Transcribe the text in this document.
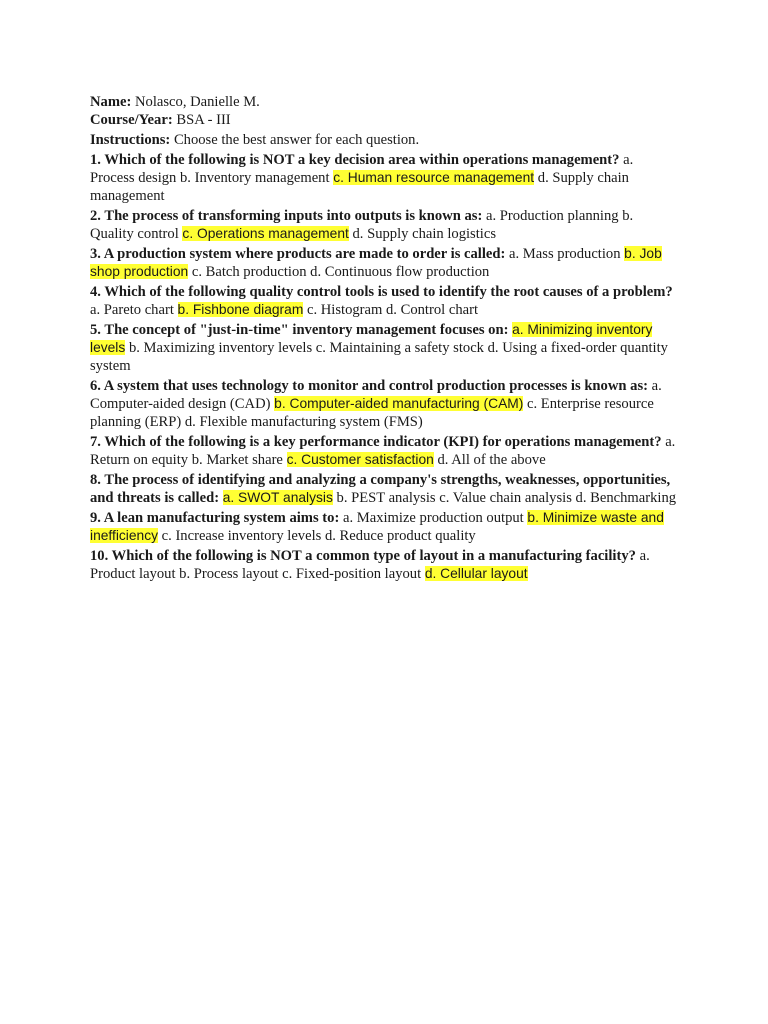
Name: Nolasco, Danielle M.

Course/Year: BSA - III

Instructions: Choose the best answer for each question.

1. Which of the following is NOT a key decision area within operations management? a. Process design b. Inventory management c. Human resource management d. Supply chain management

2. The process of transforming inputs into outputs is known as: a. Production planning b. Quality control c. Operations management d. Supply chain logistics

3. A production system where products are made to order is called: a. Mass production b. Job shop production c. Batch production d. Continuous flow production

4. Which of the following quality control tools is used to identify the root causes of a problem? a. Pareto chart b. Fishbone diagram c. Histogram d. Control chart

5. The concept of "just-in-time" inventory management focuses on: a. Minimizing inventory levels b. Maximizing inventory levels c. Maintaining a safety stock d. Using a fixed-order quantity system

6. A system that uses technology to monitor and control production processes is known as: a. Computer-aided design (CAD) b. Computer-aided manufacturing (CAM) c. Enterprise resource planning (ERP) d. Flexible manufacturing system (FMS)

7. Which of the following is a key performance indicator (KPI) for operations management? a. Return on equity b. Market share c. Customer satisfaction d. All of the above

8. The process of identifying and analyzing a company's strengths, weaknesses, opportunities, and threats is called: a. SWOT analysis b. PEST analysis c. Value chain analysis d. Benchmarking

9. A lean manufacturing system aims to: a. Maximize production output b. Minimize waste and inefficiency c. Increase inventory levels d. Reduce product quality

10. Which of the following is NOT a common type of layout in a manufacturing facility? a. Product layout b. Process layout c. Fixed-position layout d. Cellular layout
